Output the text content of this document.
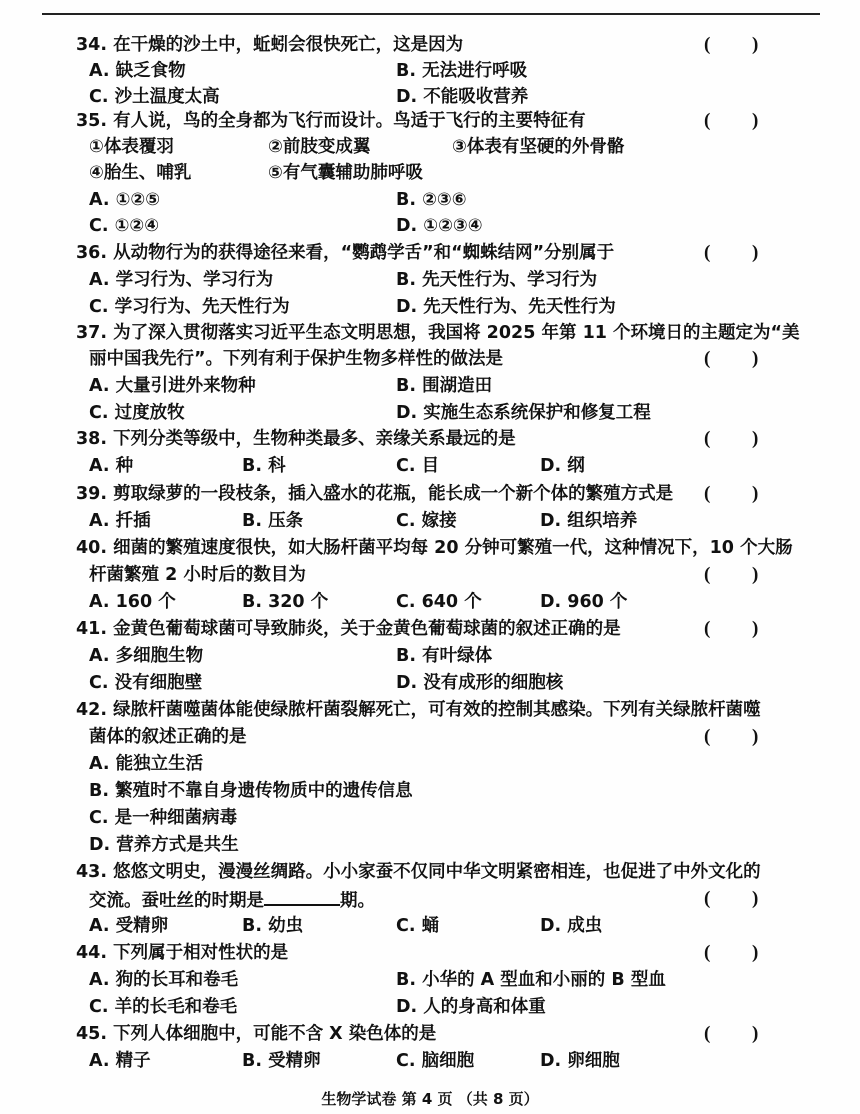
34. 在干燥的沙土中，蚯蚓会很快死亡，这是因为	( )
A. 缺乏食物	B. 无法进行呼吸
C. 沙土温度太高	D. 不能吸收营养
35. 有人说，鸟的全身都为飞行而设计。鸟适于飞行的主要特征有	( )
①体表覆羽	②前肢变成翼	③体表有坚硬的外骨骼
④胎生、哺乳	⑤有气囊辅助肺呼吸
A. ①②⑤	B. ②③⑥
C. ①②④	D. ①②③④
36. 从动物行为的获得途径来看，“鹦鹉学舌”和“蜘蛛结网”分别属于	( )
A. 学习行为、学习行为	B. 先天性行为、学习行为
C. 学习行为、先天性行为	D. 先天性行为、先天性行为
37. 为了深入贯彻落实习近平生态文明思想，我国将 2025 年第 11 个环境日的主题定为“美
丽中国我先行”。下列有利于保护生物多样性的做法是	( )
A. 大量引进外来物种	B. 围湖造田
C. 过度放牧	D. 实施生态系统保护和修复工程
38. 下列分类等级中，生物种类最多、亲缘关系最远的是	( )
A. 种	B. 科	C. 目	D. 纲
39. 剪取绿萝的一段枝条，插入盛水的花瓶，能长成一个新个体的繁殖方式是 ( )
A. 扦插	B. 压条	C. 嫁接	D. 组织培养
40. 细菌的繁殖速度很快，如大肠杆菌平均每 20 分钟可繁殖一代，这种情况下，10 个大肠
杆菌繁殖 2 小时后的数目为	( )
A. 160 个	B. 320 个	C. 640 个	D. 960 个
41. 金黄色葡萄球菌可导致肺炎，关于金黄色葡萄球菌的叙述正确的是	( )
A. 多细胞生物	B. 有叶绿体
C. 没有细胞壁	D. 没有成形的细胞核
42. 绿脓杆菌噬菌体能使绿脓杆菌裂解死亡，可有效的控制其感染。下列有关绿脓杆菌噬
菌体的叙述正确的是	( )
A. 能独立生活
B. 繁殖时不靠自身遗传物质中的遗传信息
C. 是一种细菌病毒
D. 营养方式是共生
43. 悠悠文明史，漫漫丝绸路。小小家蚕不仅同中华文明紧密相连，也促进了中外文化的
交流。蚕吐丝的时期是	期。	( )
A. 受精卵	B. 幼虫	C. 蛹	D. 成虫
44. 下列属于相对性状的是	( )
A. 狗的长耳和卷毛	B. 小华的 A 型血和小丽的 B 型血
C. 羊的长毛和卷毛	D. 人的身高和体重
45. 下列人体细胞中，可能不含 X 染色体的是	( )
A. 精子	B. 受精卵	C. 脑细胞	D. 卵细胞
生物学试卷 第 4 页 （共 8 页）
